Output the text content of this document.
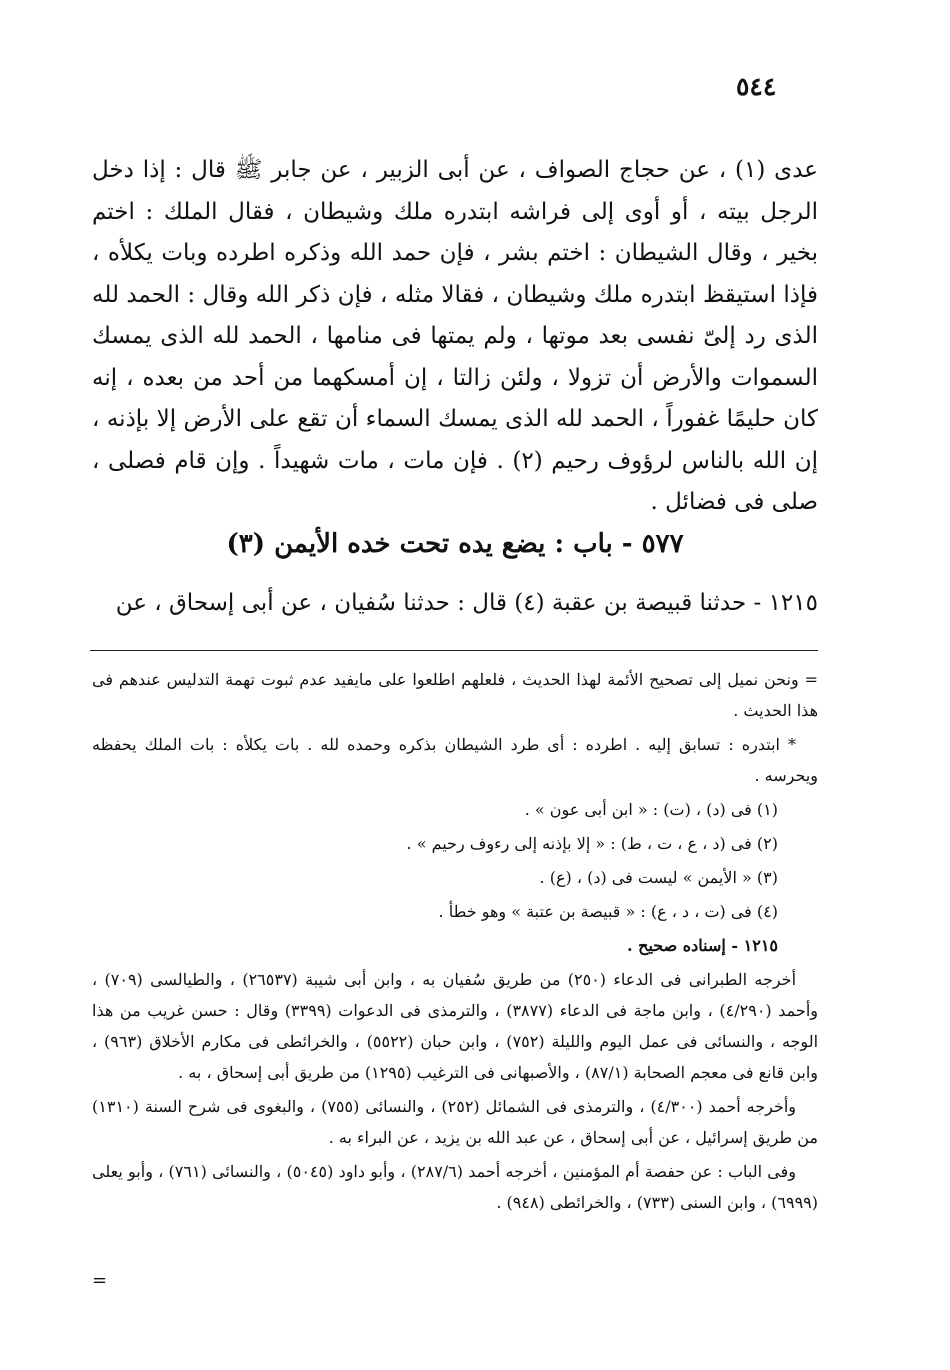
٥٤٤

عدى (١) ، عن حجاج الصواف ، عن أبى الزبير ، عن جابر ﷺ قال : إذا دخل الرجل بيته ، أو أوى إلى فراشه ابتدره ملك وشيطان ، فقال الملك : اختم بخير ، وقال الشيطان : اختم بشر ، فإن حمد الله وذكره اطرده وبات يكلأه ، فإذا استيقظ ابتدره ملك وشيطان ، فقالا مثله ، فإن ذكر الله وقال : الحمد لله الذى رد إلىّ نفسى بعد موتها ، ولم يمتها فى منامها ، الحمد لله الذى يمسك السموات والأرض أن تزولا ، ولئن زالتا ، إن أمسكهما من أحد من بعده ، إنه كان حليمًا غفوراً ، الحمد لله الذى يمسك السماء أن تقع على الأرض إلا بإذنه ، إن الله بالناس لرؤوف رحيم (٢) . فإن مات ، مات شهيداً . وإن قام فصلى ، صلى فى فضائل .

٥٧٧ - باب : يضع يده تحت خده الأيمن (٣)

١٢١٥ - حدثنا قبيصة بن عقبة (٤) قال : حدثنا سُفيان ، عن أبى إسحاق ، عن

= ونحن نميل إلى تصحيح الأئمة لهذا الحديث ، فلعلهم اطلعوا على مايفيد عدم ثبوت تهمة التدليس عندهم فى هذا الحديث .

* ابتدره : تسابق إليه . اطرده : أى طرد الشيطان بذكره وحمده لله . بات يكلأه : بات الملك يحفظه ويحرسه .

(١) فى (د) ، (ت) : « ابن أبى عون » .

(٢) فى (د ، ع ، ت ، ط) : « إلا بإذنه إلى رءوف رحيم » .

(٣) « الأيمن » ليست فى (د) ، (ع) .

(٤) فى (ت ، د ، ع) : « قبيصة بن عتبة » وهو خطأ .

١٢١٥ - إسناده صحيح .

أخرجه الطبرانى فى الدعاء (٢٥٠) من طريق سُفيان به ، وابن أبى شيبة (٢٦٥٣٧) ، والطيالسى (٧٠٩) ، وأحمد (٤/٢٩٠) ، وابن ماجة فى الدعاء (٣٨٧٧) ، والترمذى فى الدعوات (٣٣٩٩) وقال : حسن غريب من هذا الوجه ، والنسائى فى عمل اليوم والليلة (٧٥٢) ، وابن حبان (٥٥٢٢) ، والخرائطى فى مكارم الأخلاق (٩٦٣) ، وابن قانع فى معجم الصحابة (٨٧/١) ، والأصبهانى فى الترغيب (١٢٩٥) من طريق أبى إسحاق ، به .

وأخرجه أحمد (٤/٣٠٠) ، والترمذى فى الشمائل (٢٥٢) ، والنسائى (٧٥٥) ، والبغوى فى شرح السنة (١٣١٠) من طريق إسرائيل ، عن أبى إسحاق ، عن عبد الله بن يزيد ، عن البراء به .

وفى الباب : عن حفصة أم المؤمنين ، أخرجه أحمد (٢٨٧/٦) ، وأبو داود (٥٠٤٥) ، والنسائى (٧٦١) ، وأبو يعلى (٦٩٩٩) ، وابن السنى (٧٣٣) ، والخرائطى (٩٤٨) .

=
